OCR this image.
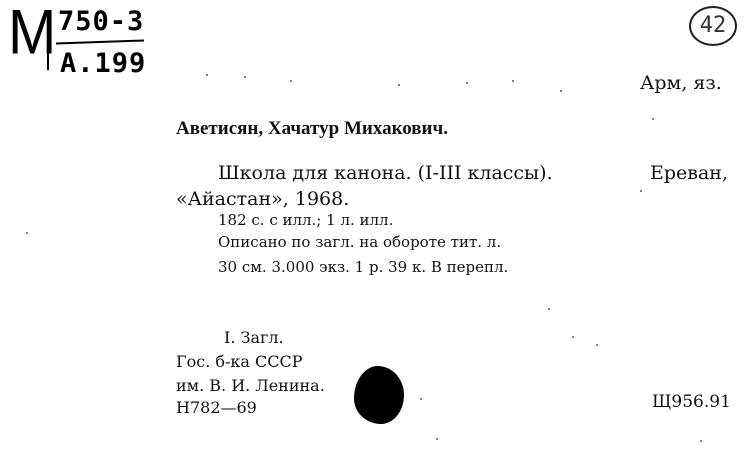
M 750-3
A.199
42
Арм, яз.
Аветисян, Хачатур Михакович.
Школа для канона. (I-III классы).	Ереван,
«Айастан», 1968.
182 с. с илл.; 1 л. илл.
Описано по загл. на обороте тит. л.
30 см. 3.000 экз. 1 р. 39 к. В перепл.
I. Загл.
Гос. б-ка СССР
им. В. И. Ленина.
Н782—69	Щ956.91
